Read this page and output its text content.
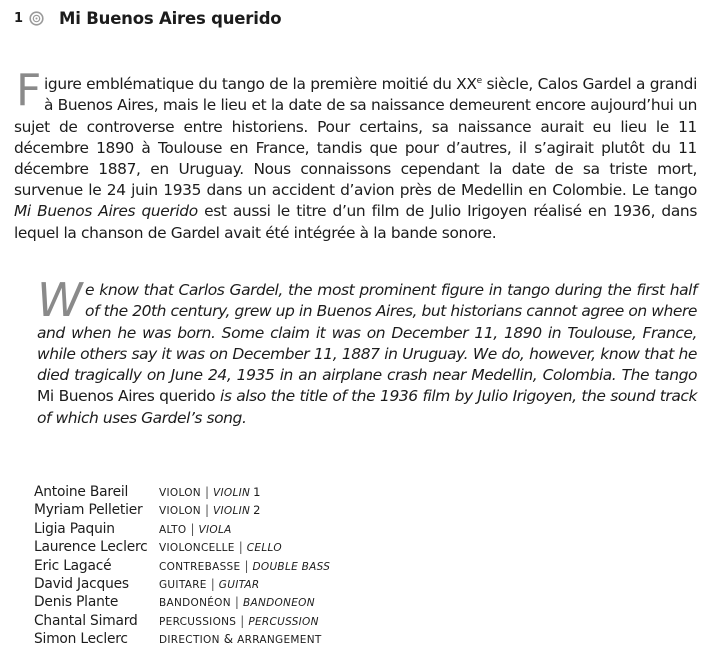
1 Mi Buenos Aires querido

Figure emblématique du tango de la première moitié du XXe siècle, Calos Gardel a grandi à Buenos Aires, mais le lieu et la date de sa naissance demeurent encore aujourd’hui un sujet de controverse entre historiens. Pour certains, sa naissance aurait eu lieu le 11 décembre 1890 à Toulouse en France, tandis que pour d’autres, il s’agirait plutôt du 11 décembre 1887, en Uruguay. Nous connaissons cependant la date de sa triste mort, survenue le 24 juin 1935 dans un accident d’avion près de Medellin en Colombie. Le tango Mi Buenos Aires querido est aussi le titre d’un film de Julio Irigoyen réalisé en 1936, dans lequel la chanson de Gardel avait été intégrée à la bande sonore.

We know that Carlos Gardel, the most prominent figure in tango during the first half of the 20th century, grew up in Buenos Aires, but historians cannot agree on where and when he was born. Some claim it was on December 11, 1890 in Toulouse, France, while others say it was on December 11, 1887 in Uruguay. We do, however, know that he died tragically on June 24, 1935 in an airplane crash near Medellin, Colombia. The tango Mi Buenos Aires querido is also the title of the 1936 film by Julio Irigoyen, the sound track of which uses Gardel’s song.

Antoine Bareil	VIOLON | VIOLIN 1
Myriam Pelletier	VIOLON | VIOLIN 2
Ligia Paquin	ALTO | VIOLA
Laurence Leclerc	VIOLONCELLE | CELLO
Eric Lagacé	CONTREBASSE | DOUBLE BASS
David Jacques	GUITARE | GUITAR
Denis Plante	BANDONÉON | BANDONEON
Chantal Simard	PERCUSSIONS | PERCUSSION
Simon Leclerc	DIRECTION & ARRANGEMENT
